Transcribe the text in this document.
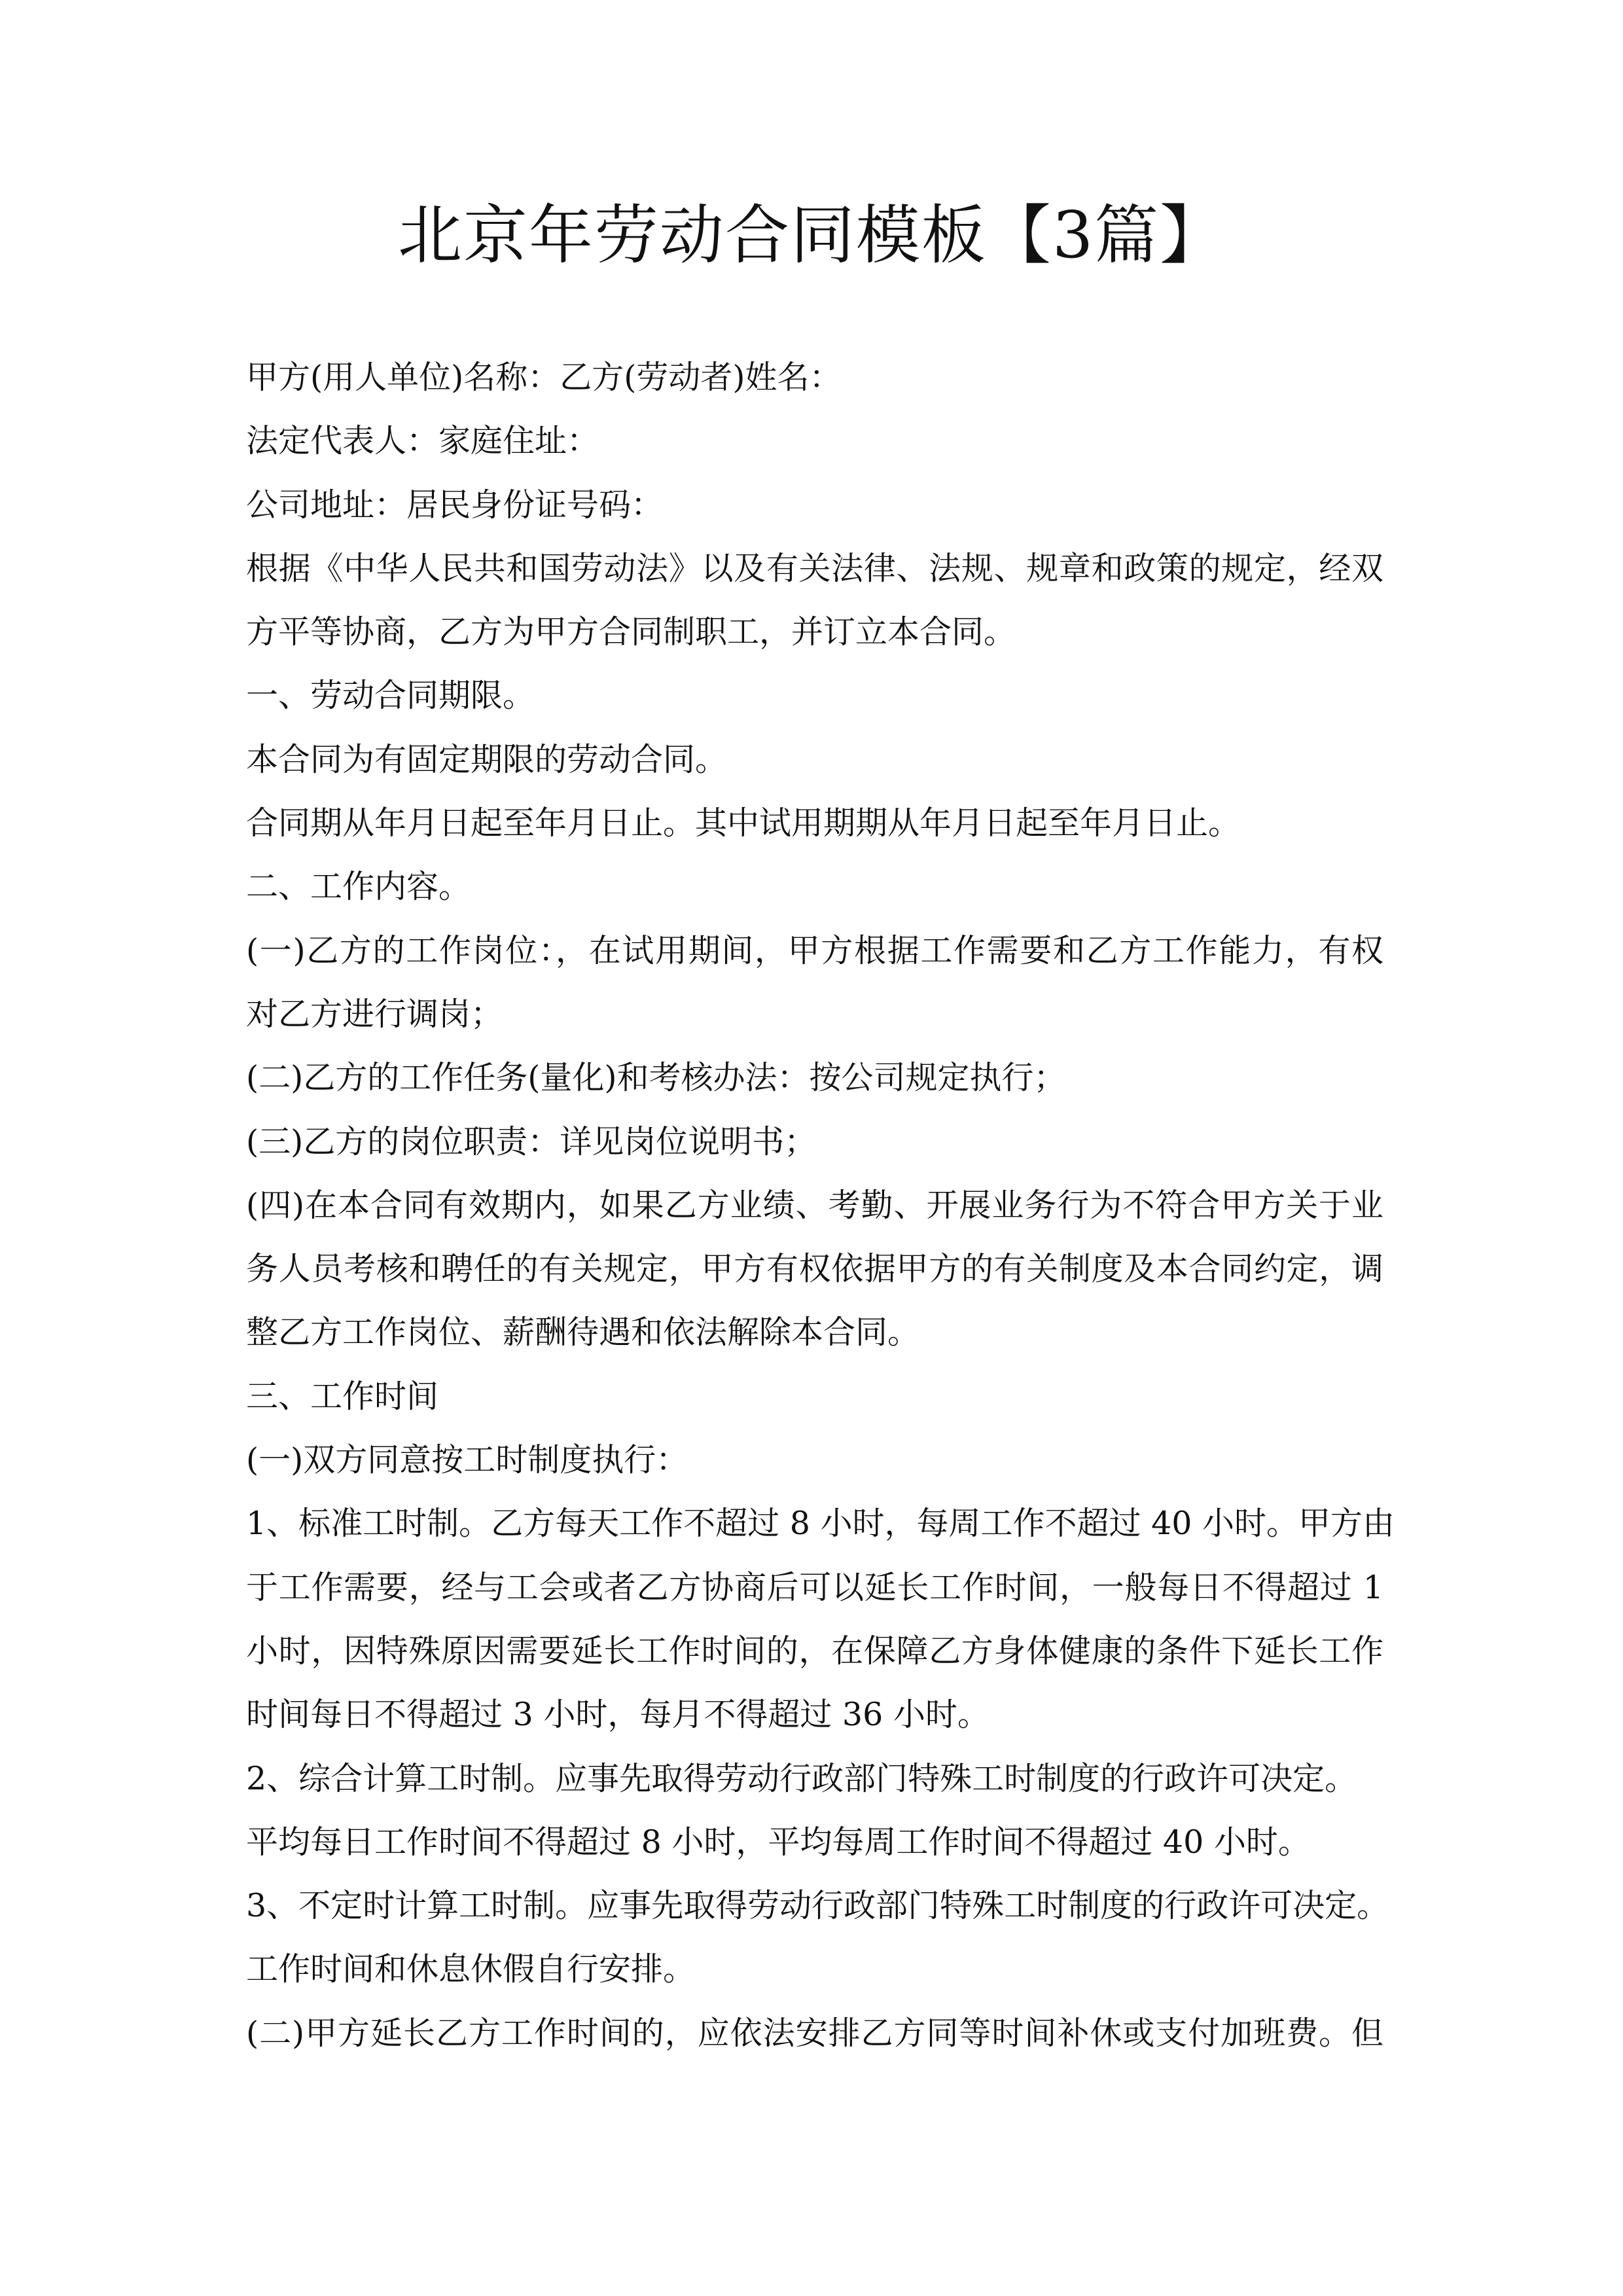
北京年劳动合同模板【3篇】
甲方(用人单位)名称：乙方(劳动者)姓名：
法定代表人：家庭住址：
公司地址：居民身份证号码：
根据《中华人民共和国劳动法》以及有关法律、法规、规章和政策的规定，经双
方平等协商，乙方为甲方合同制职工，并订立本合同。
一、劳动合同期限。
本合同为有固定期限的劳动合同。
合同期从年月日起至年月日止。其中试用期期从年月日起至年月日止。
二、工作内容。
(一)乙方的工作岗位：，在试用期间，甲方根据工作需要和乙方工作能力，有权
对乙方进行调岗；
(二)乙方的工作任务(量化)和考核办法：按公司规定执行；
(三)乙方的岗位职责：详见岗位说明书；
(四)在本合同有效期内，如果乙方业绩、考勤、开展业务行为不符合甲方关于业
务人员考核和聘任的有关规定，甲方有权依据甲方的有关制度及本合同约定，调
整乙方工作岗位、薪酬待遇和依法解除本合同。
三、工作时间
(一)双方同意按工时制度执行：
1、标准工时制。乙方每天工作不超过 8 小时，每周工作不超过 40 小时。甲方由
于工作需要，经与工会或者乙方协商后可以延长工作时间，一般每日不得超过 1
小时，因特殊原因需要延长工作时间的，在保障乙方身体健康的条件下延长工作
时间每日不得超过 3 小时，每月不得超过 36 小时。
2、综合计算工时制。应事先取得劳动行政部门特殊工时制度的行政许可决定。
平均每日工作时间不得超过 8 小时，平均每周工作时间不得超过 40 小时。
3、不定时计算工时制。应事先取得劳动行政部门特殊工时制度的行政许可决定。
工作时间和休息休假自行安排。
(二)甲方延长乙方工作时间的，应依法安排乙方同等时间补休或支付加班费。但
